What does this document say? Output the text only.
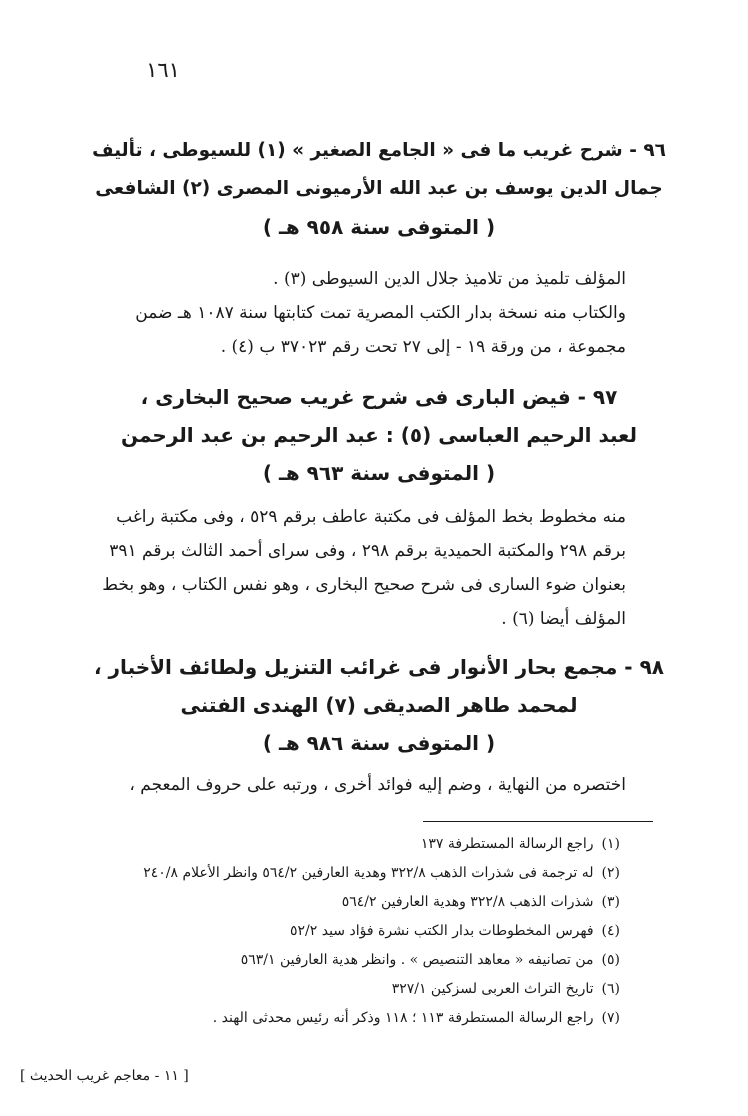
١٦١
٩٦ - شرح غريب ما فى « الجامع الصغير » (١) للسيوطى ، تأليف
جمال الدين يوسف بن عبد الله الأرميونى المصرى (٢) الشافعى
( المتوفى سنة ٩٥٨ هـ )
المؤلف تلميذ من تلاميذ جلال الدين السيوطى (٣) .
والكتاب منه نسخة بدار الكتب المصرية تمت كتابتها سنة ١٠٨٧ هـ ضمن
مجموعة ، من ورقة ١٩ - إلى ٢٧ تحت رقم ٣٧٠٢٣ ب (٤) .
٩٧ - فيض البارى فى شرح غريب صحيح البخارى ،
لعبد الرحيم العباسى (٥) : عبد الرحيم بن عبد الرحمن
( المتوفى سنة ٩٦٣ هـ )
منه مخطوط بخط المؤلف فى مكتبة عاطف برقم ٥٢٩ ، وفى مكتبة راغب
برقم ٢٩٨ والمكتبة الحميدية برقم ٢٩٨ ، وفى سراى أحمد الثالث برقم ٣٩١
بعنوان ضوء السارى فى شرح صحيح البخارى ، وهو نفس الكتاب ، وهو بخط
المؤلف أيضا (٦) .
٩٨ - مجمع بحار الأنوار فى غرائب التنزيل ولطائف الأخبار ،
لمحمد طاهر الصديقى (٧) الهندى الفتنى
( المتوفى سنة ٩٨٦ هـ )
اختصره من النهاية ، وضم إليه فوائد أخرى ، ورتبه على حروف المعجم ،
(١) راجع الرسالة المستطرفة ١٣٧
(٢) له ترجمة فى شذرات الذهب ٣٢٢/٨ وهدية العارفين ٥٦٤/٢ وانظر الأعلام ٢٤٠/٨
(٣) شذرات الذهب ٣٢٢/٨ وهدية العارفين ٥٦٤/٢
(٤) فهرس المخطوطات بدار الكتب نشرة فؤاد سيد ٥٢/٢
(٥) من تصانيفه « معاهد التنصيص » . وانظر هدية العارفين ٥٦٣/١
(٦) تاريخ التراث العربى لسزكين ٣٢٧/١
(٧) راجع الرسالة المستطرفة ١١٣ ؛ ١١٨ وذكر أنه رئيس محدثى الهند .
[ ١١ - معاجم غريب الحديث ]
